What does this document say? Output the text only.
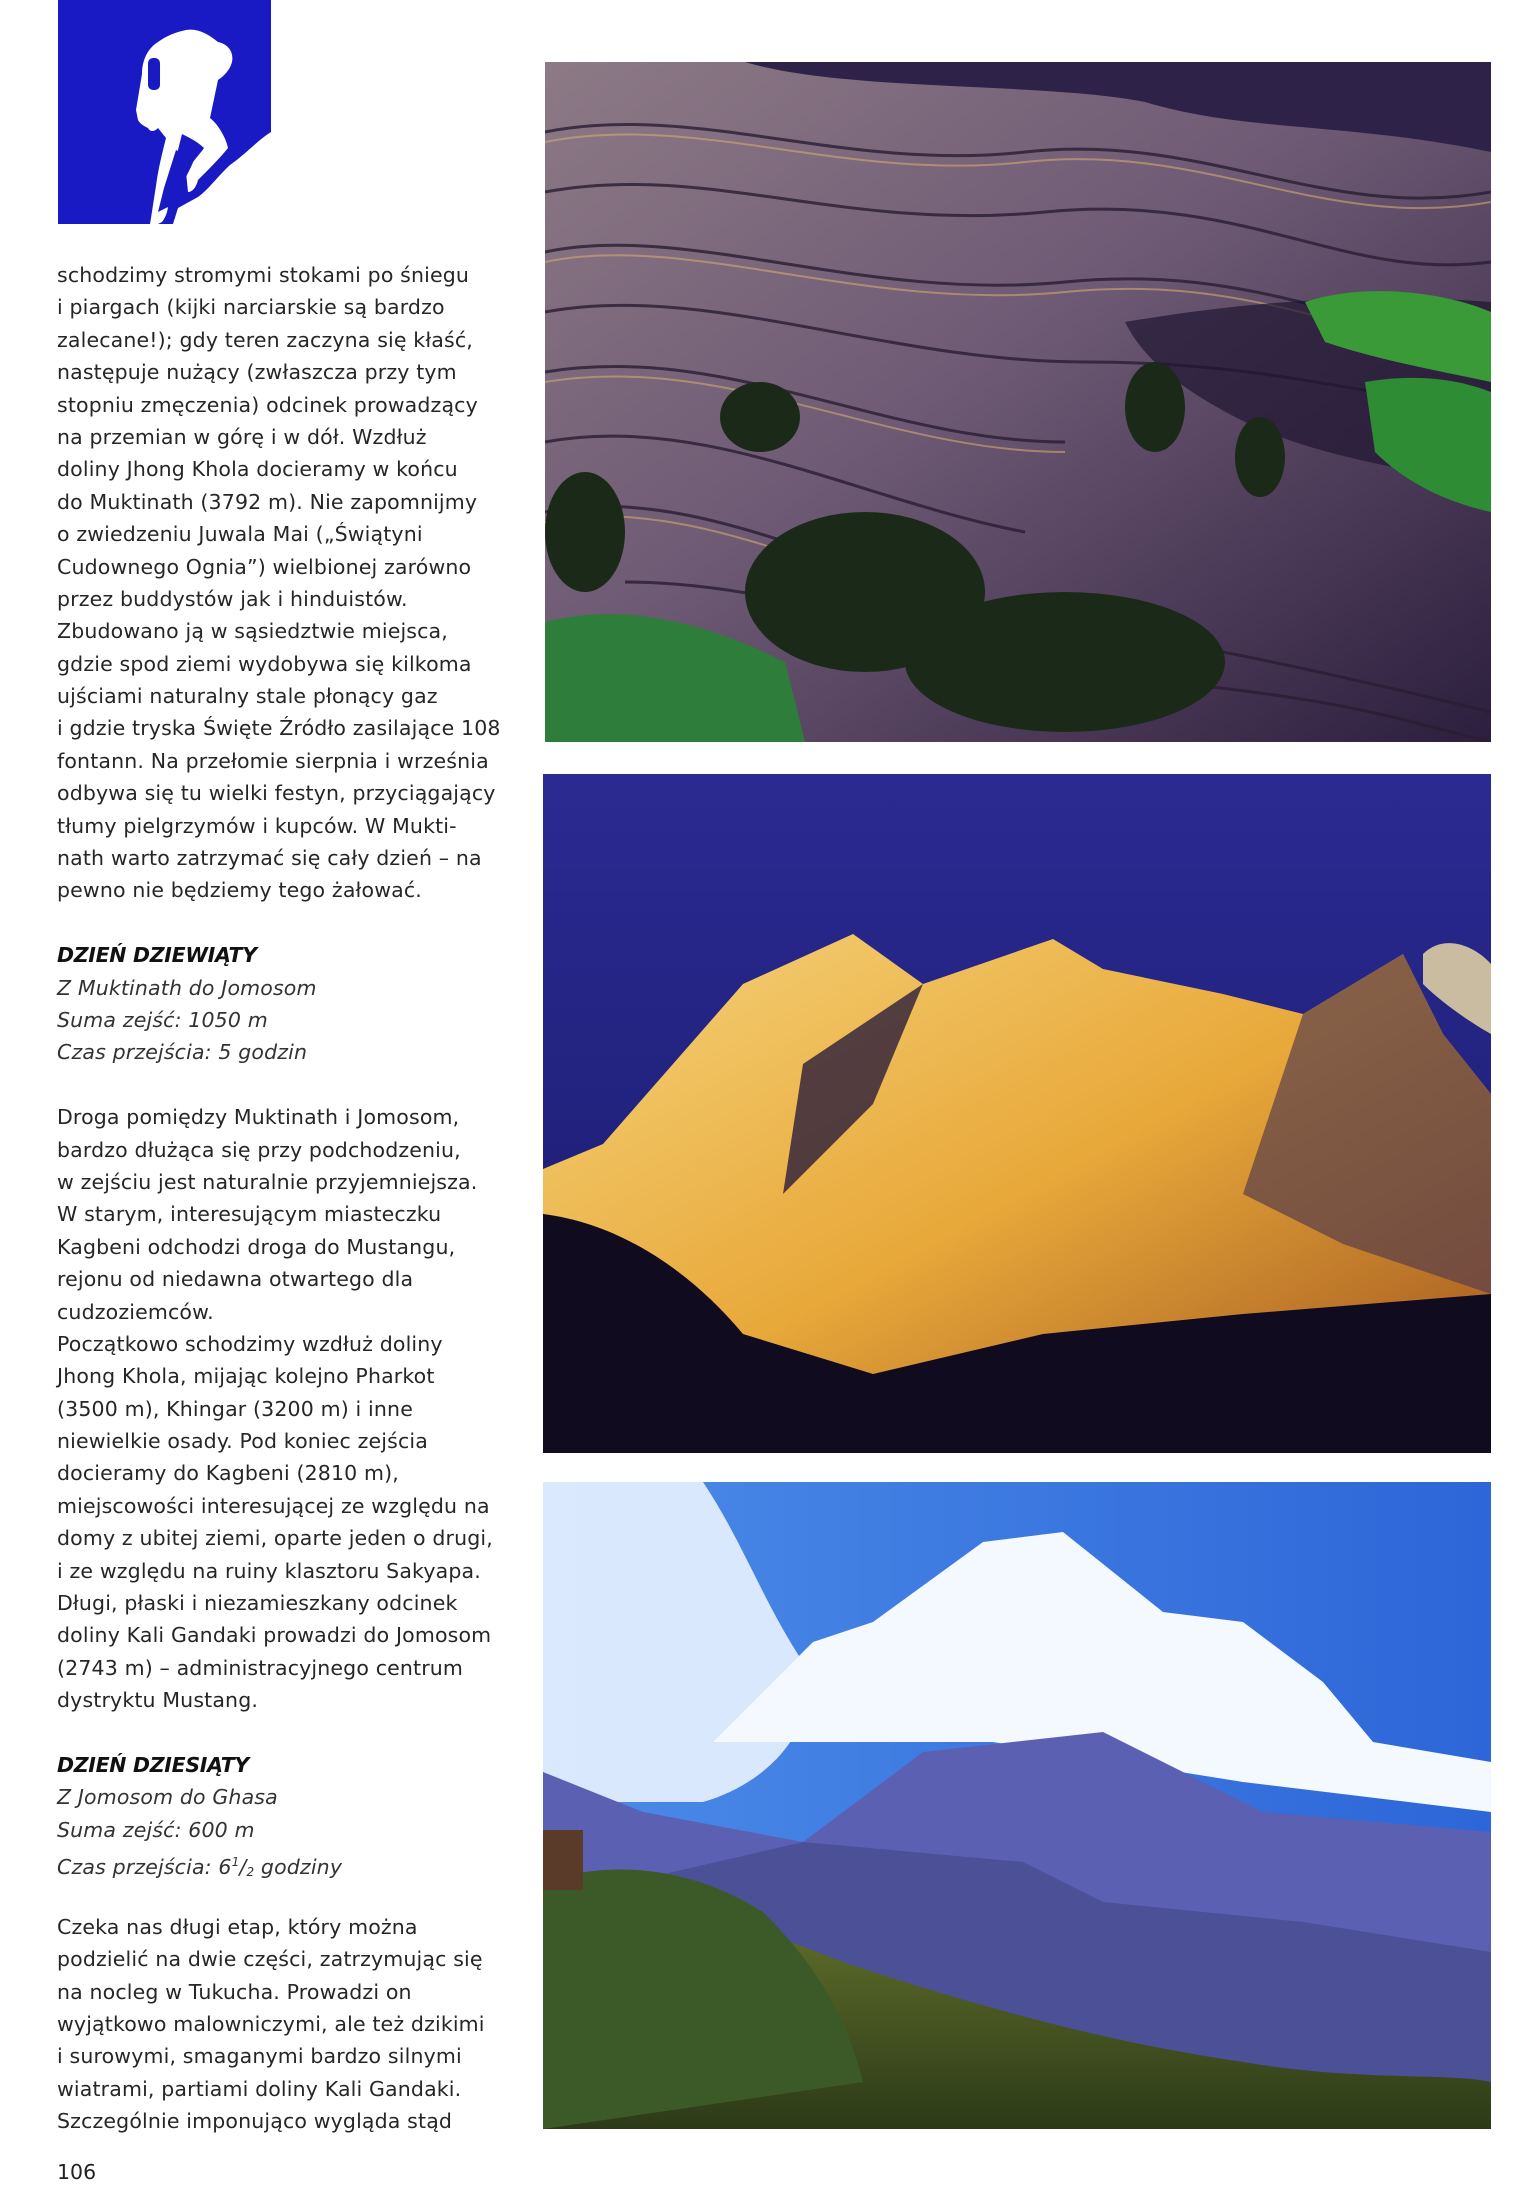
schodzimy stromymi stokami po śniegu
i piargach (kijki narciarskie są bardzo
zalecane!); gdy teren zaczyna się kłaść,
następuje nużący (zwłaszcza przy tym
stopniu zmęczenia) odcinek prowadzący
na przemian w górę i w dół. Wzdłuż
doliny Jhong Khola docieramy w końcu
do Muktinath (3792 m). Nie zapomnijmy
o zwiedzeniu Juwala Mai („Świątyni
Cudownego Ognia”) wielbionej zarówno
przez buddystów jak i hinduistów.
Zbudowano ją w sąsiedztwie miejsca,
gdzie spod ziemi wydobywa się kilkoma
ujściami naturalny stale płonący gaz
i gdzie tryska Święte Źródło zasilające 108
fontann. Na przełomie sierpnia i września
odbywa się tu wielki festyn, przyciągający
tłumy pielgrzymów i kupców. W Mukti-
nath warto zatrzymać się cały dzień – na
pewno nie będziemy tego żałować.
DZIEŃ DZIEWIĄTY
Z Muktinath do Jomosom
Suma zejść: 1050 m
Czas przejścia: 5 godzin
Droga pomiędzy Muktinath i Jomosom,
bardzo dłużąca się przy podchodzeniu,
w zejściu jest naturalnie przyjemniejsza.
W starym, interesującym miasteczku
Kagbeni odchodzi droga do Mustangu,
rejonu od niedawna otwartego dla
cudzoziemców.
Początkowo schodzimy wzdłuż doliny
Jhong Khola, mijając kolejno Pharkot
(3500 m), Khingar (3200 m) i inne
niewielkie osady. Pod koniec zejścia
docieramy do Kagbeni (2810 m),
miejscowości interesującej ze względu na
domy z ubitej ziemi, oparte jeden o drugi,
i ze względu na ruiny klasztoru Sakyapa.
Długi, płaski i niezamieszkany odcinek
doliny Kali Gandaki prowadzi do Jomosom
(2743 m) – administracyjnego centrum
dystryktu Mustang.
DZIEŃ DZIESIĄTY
Z Jomosom do Ghasa
Suma zejść: 600 m
Czas przejścia: $6^1/_2$ godziny
Czeka nas długi etap, który można
podzielić na dwie części, zatrzymując się
na nocleg w Tukucha. Prowadzi on
wyjątkowo malowniczymi, ale też dzikimi
i surowymi, smaganymi bardzo silnymi
wiatrami, partiami doliny Kali Gandaki.
Szczególnie imponująco wygląda stąd
106
